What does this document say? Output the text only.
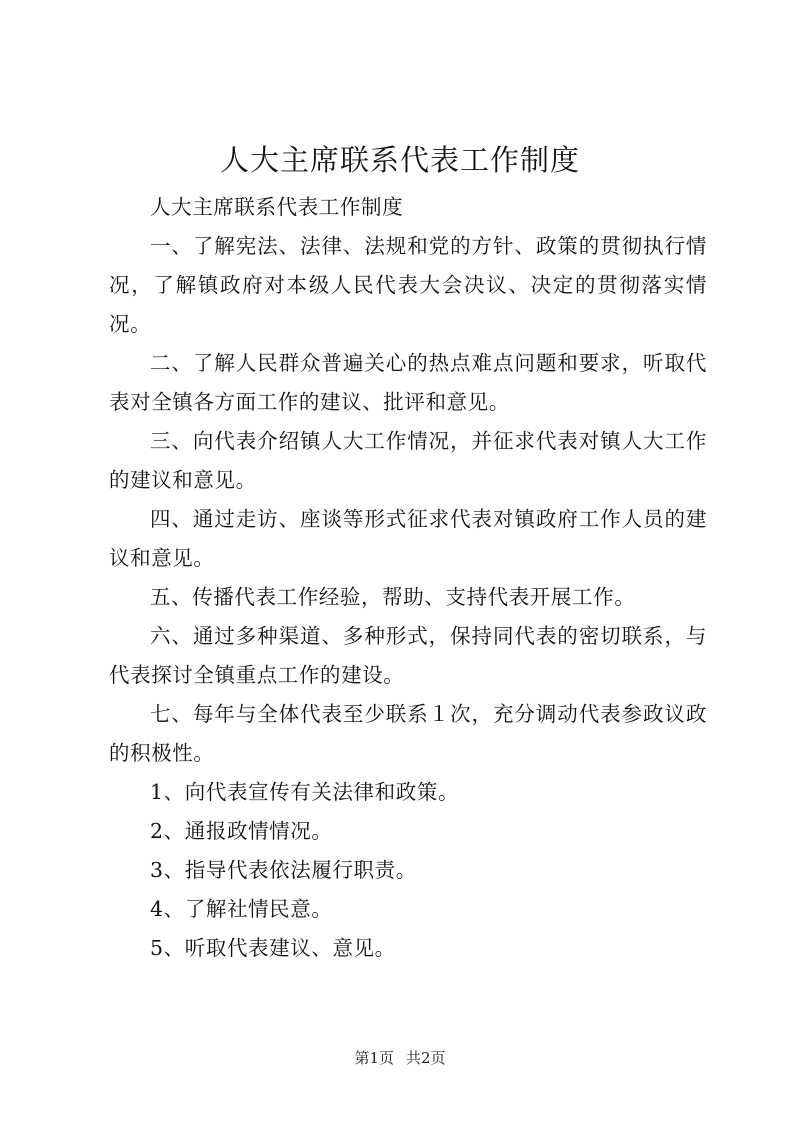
人大主席联系代表工作制度

人大主席联系代表工作制度

一、了解宪法、法律、法规和党的方针、政策的贯彻执行情况，了解镇政府对本级人民代表大会决议、决定的贯彻落实情况。

二、了解人民群众普遍关心的热点难点问题和要求，听取代表对全镇各方面工作的建议、批评和意见。

三、向代表介绍镇人大工作情况，并征求代表对镇人大工作的建议和意见。

四、通过走访、座谈等形式征求代表对镇政府工作人员的建议和意见。

五、传播代表工作经验，帮助、支持代表开展工作。

六、通过多种渠道、多种形式，保持同代表的密切联系，与代表探讨全镇重点工作的建设。

七、每年与全体代表至少联系１次，充分调动代表参政议政的积极性。

1、向代表宣传有关法律和政策。

2、通报政情情况。

3、指导代表依法履行职责。

4、了解社情民意。

5、听取代表建议、意见。

第1页 共2页
